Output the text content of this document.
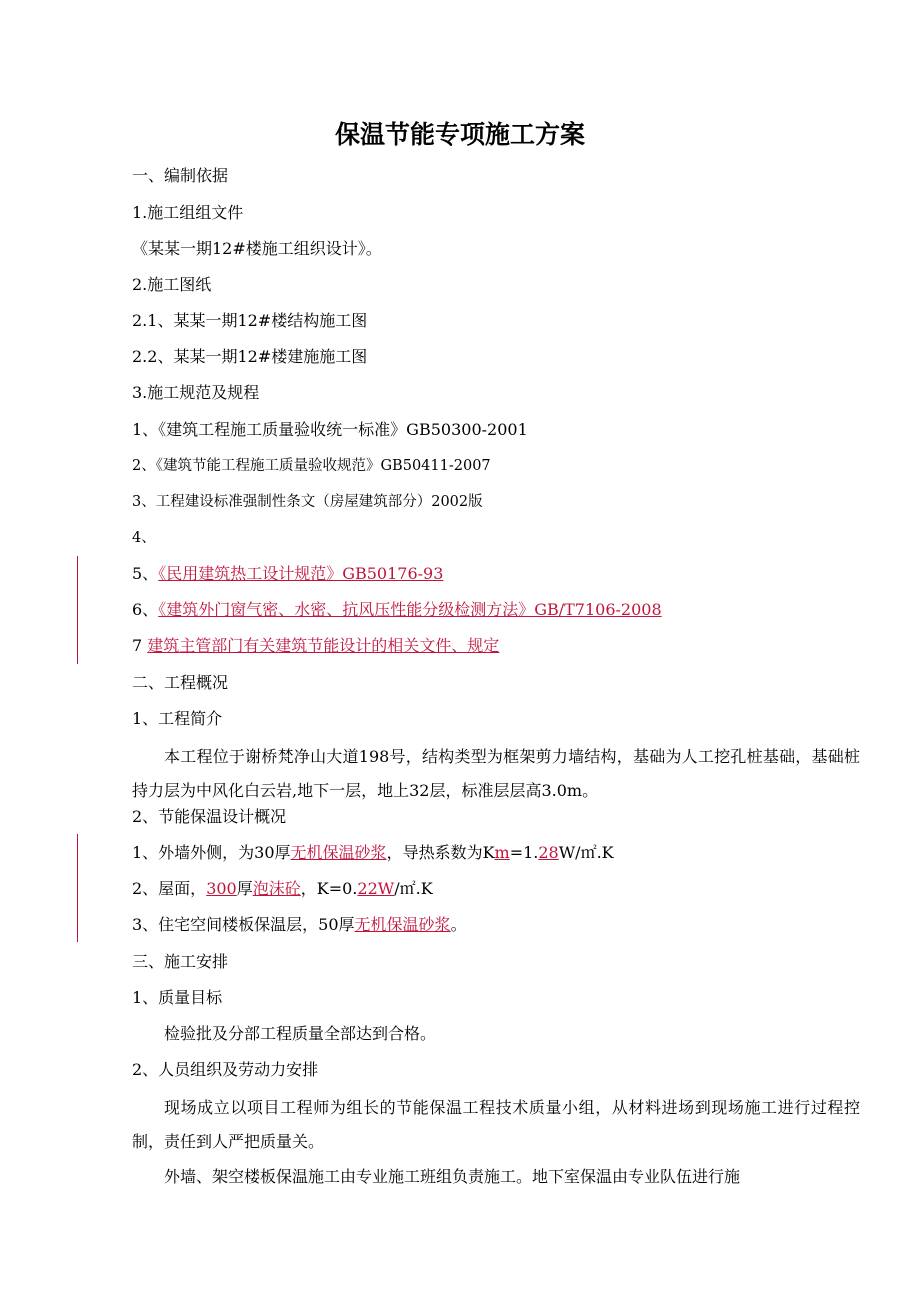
保温节能专项施工方案
一、编制依据
1.施工组组文件
《某某一期12#楼施工组织设计》。
2.施工图纸
2.1、某某一期12#楼结构施工图
2.2、某某一期12#楼建施施工图
3.施工规范及规程
1、《建筑工程施工质量验收统一标准》GB50300-2001
2、《建筑节能工程施工质量验收规范》GB50411-2007
3、工程建设标准强制性条文（房屋建筑部分）2002版
4、
5、《民用建筑热工设计规范》GB50176-93
6、《建筑外门窗气密、水密、抗风压性能分级检测方法》GB/T7106-2008
7 建筑主管部门有关建筑节能设计的相关文件、规定
二、工程概况
1、工程简介
本工程位于谢桥梵净山大道198号，结构类型为框架剪力墙结构，基础为人工挖孔桩基础，基础桩持力层为中风化白云岩,地下一层，地上32层，标准层层高3.0m。
2、节能保温设计概况
1、外墙外侧，为30厚无机保温砂浆，导热系数为Km=1.28W/㎡.K
2、屋面，300厚泡沫砼，K=0.22W/㎡.K
3、住宅空间楼板保温层，50厚无机保温砂浆。
三、施工安排
1、质量目标
检验批及分部工程质量全部达到合格。
2、人员组织及劳动力安排
现场成立以项目工程师为组长的节能保温工程技术质量小组，从材料进场到现场施工进行过程控制，责任到人严把质量关。
外墙、架空楼板保温施工由专业施工班组负责施工。地下室保温由专业队伍进行施
